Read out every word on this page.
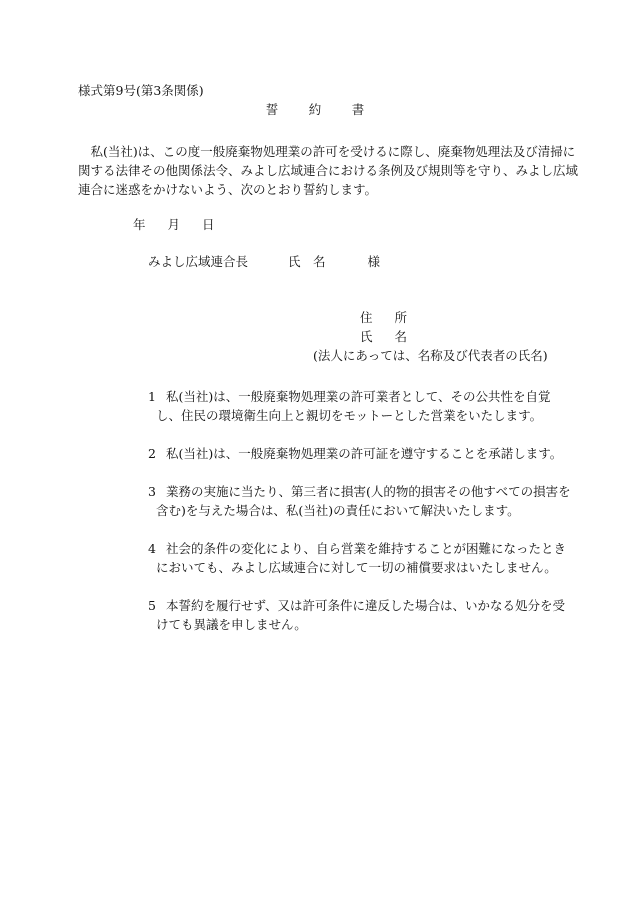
様式第9号(第3条関係)
誓　約　書
　私(当社)は、この度一般廃棄物処理業の許可を受けるに際し、廃棄物処理法及び清掃に
関する法律その他関係法令、みよし広域連合における条例及び規則等を守り、みよし広域
連合に迷惑をかけないよう、次のとおり誓約します。
年 月 日
みよし広域連合長	氏　名	様
住 所
氏 名
(法人にあっては、名称及び代表者の氏名)
1 私(当社)は、一般廃棄物処理業の許可業者として、その公共性を自覚
し、住民の環境衛生向上と親切をモットーとした営業をいたします。
2 私(当社)は、一般廃棄物処理業の許可証を遵守することを承諾します。
3 業務の実施に当たり、第三者に損害(人的物的損害その他すべての損害を
含む)を与えた場合は、私(当社)の責任において解決いたします。
4 社会的条件の変化により、自ら営業を維持することが困難になったとき
においても、みよし広域連合に対して一切の補償要求はいたしません。
5 本誓約を履行せず、又は許可条件に違反した場合は、いかなる処分を受
けても異議を申しません。
